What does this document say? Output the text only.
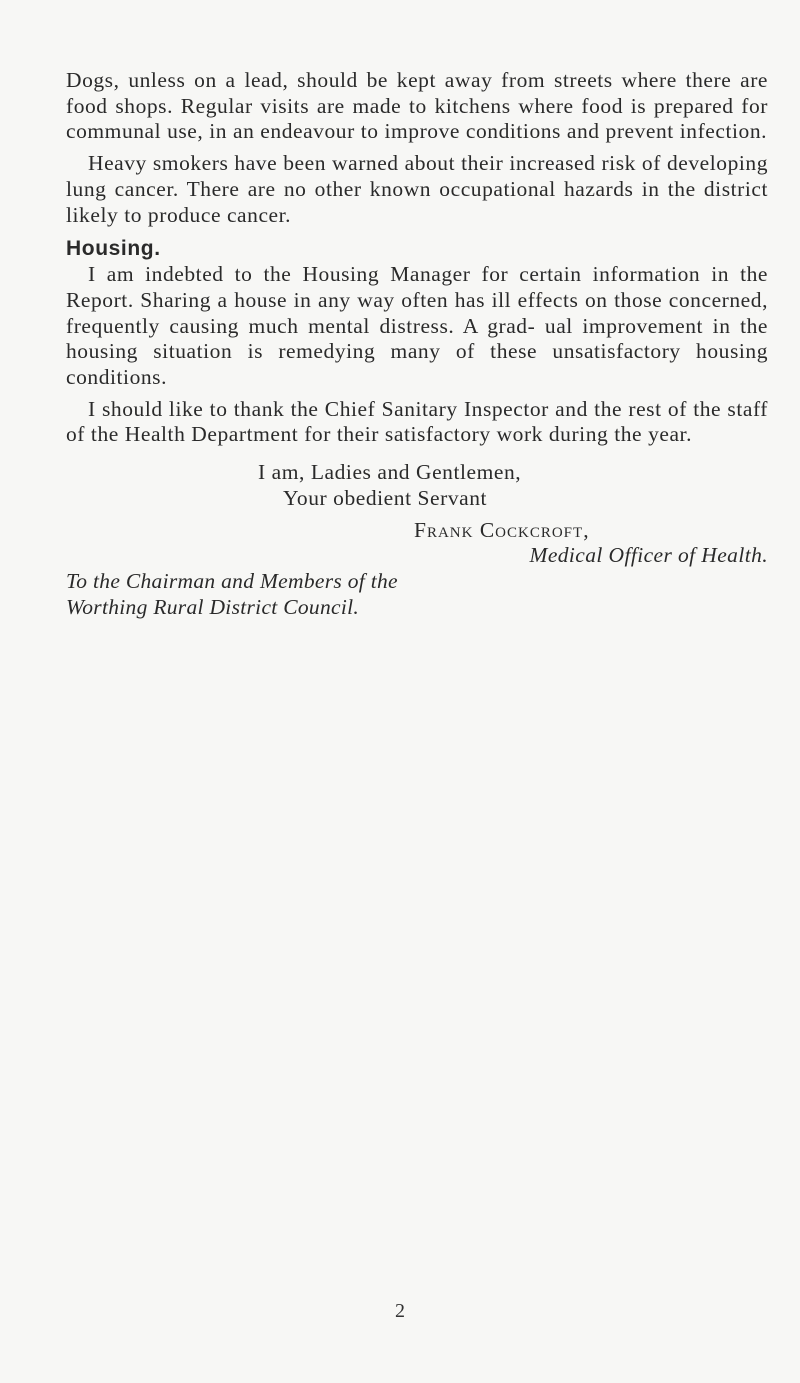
Dogs, unless on a lead, should be kept away from streets where there are food shops. Regular visits are made to kitchens where food is prepared for communal use, in an endeavour to improve conditions and prevent infection.

Heavy smokers have been warned about their increased risk of developing lung cancer. There are no other known occupational hazards in the district likely to produce cancer.

Housing.

I am indebted to the Housing Manager for certain information in the Report. Sharing a house in any way often has ill effects on those concerned, frequently causing much mental distress. A grad- ual improvement in the housing situation is remedying many of these unsatisfactory housing conditions.

I should like to thank the Chief Sanitary Inspector and the rest of the staff of the Health Department for their satisfactory work during the year.

I am, Ladies and Gentlemen,
Your obedient Servant
Frank Cockcroft,
Medical Officer of Health.
To the Chairman and Members of the
Worthing Rural District Council.
2
